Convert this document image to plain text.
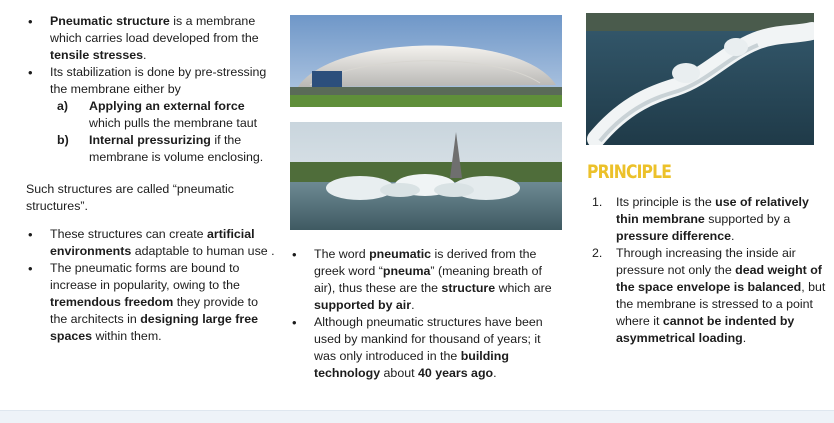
• Pneumatic structure is a membrane which carries load developed from the tensile stresses.
• Its stabilization is done by pre-stressing the membrane either by
a) Applying an external force which pulls the membrane taut
b) Internal pressurizing if the membrane is volume enclosing.

Such structures are called “pneumatic structures”.

• These structures can create artificial environments adaptable to human use .
• The pneumatic forms are bound to increase in popularity, owing to the tremendous freedom they provide to the architects in designing large free spaces within them.
• The word pneumatic is derived from the greek word “pneuma” (meaning breath of air), thus these are the structure which are supported by air.
• Although pneumatic structures have been used by mankind for thousand of years; it was only introduced in the building technology about 40 years ago.
PRINCIPLE
1. Its principle is the use of relatively thin membrane supported by a pressure difference.
2. Through increasing the inside air pressure not only the dead weight of the space envelope is balanced, but the membrane is stressed to a point where it cannot be indented by asymmetrical loading.
